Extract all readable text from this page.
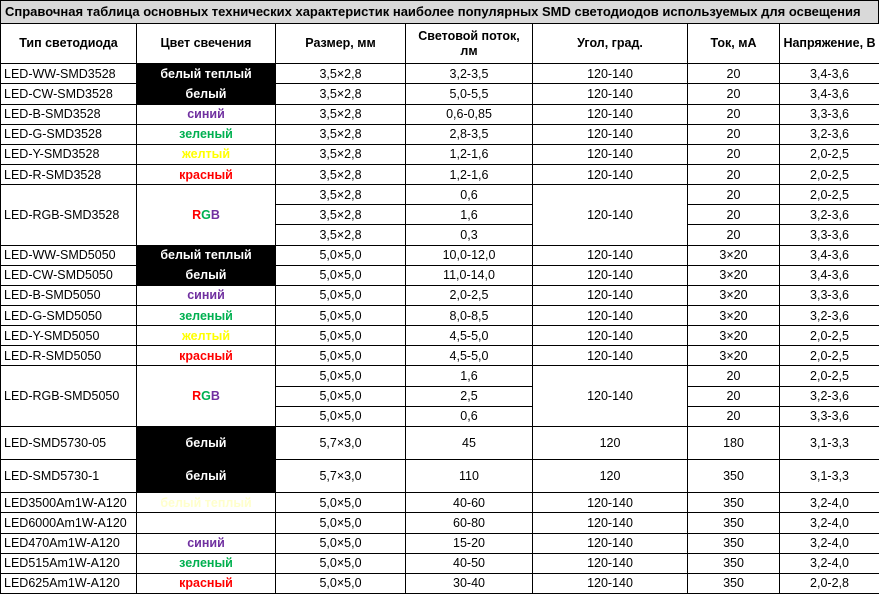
Справочная таблица основных технических характеристик наиболее популярных SMD светодиодов используемых для освещения
Тип светодиода	Цвет свечения	Размер, мм	Световой поток, лм	Угол, град.	Ток, мА	Напряжение, В
LED-WW-SMD3528	белый теплый	3,5×2,8	3,2-3,5	120-140	20	3,4-3,6
LED-CW-SMD3528	белый	3,5×2,8	5,0-5,5	120-140	20	3,4-3,6
LED-B-SMD3528	синий	3,5×2,8	0,6-0,85	120-140	20	3,3-3,6
LED-G-SMD3528	зеленый	3,5×2,8	2,8-3,5	120-140	20	3,2-3,6
LED-Y-SMD3528	желтый	3,5×2,8	1,2-1,6	120-140	20	2,0-2,5
LED-R-SMD3528	красный	3,5×2,8	1,2-1,6	120-140	20	2,0-2,5
LED-RGB-SMD3528	RGB	3,5×2,8	0,6	120-140	20	2,0-2,5
		3,5×2,8	1,6		20	3,2-3,6
		3,5×2,8	0,3		20	3,3-3,6
LED-WW-SMD5050	белый теплый	5,0×5,0	10,0-12,0	120-140	3×20	3,4-3,6
LED-CW-SMD5050	белый	5,0×5,0	11,0-14,0	120-140	3×20	3,4-3,6
LED-B-SMD5050	синий	5,0×5,0	2,0-2,5	120-140	3×20	3,3-3,6
LED-G-SMD5050	зеленый	5,0×5,0	8,0-8,5	120-140	3×20	3,2-3,6
LED-Y-SMD5050	желтый	5,0×5,0	4,5-5,0	120-140	3×20	2,0-2,5
LED-R-SMD5050	красный	5,0×5,0	4,5-5,0	120-140	3×20	2,0-2,5
LED-RGB-SMD5050	RGB	5,0×5,0	1,6	120-140	20	2,0-2,5
		5,0×5,0	2,5		20	3,2-3,6
		5,0×5,0	0,6		20	3,3-3,6
LED-SMD5730-05	белый	5,7×3,0	45	120	180	3,1-3,3
LED-SMD5730-1	белый	5,7×3,0	110	120	350	3,1-3,3
LED3500Am1W-A120	белый теплый	5,0×5,0	40-60	120-140	350	3,2-4,0
LED6000Am1W-A120		5,0×5,0	60-80	120-140	350	3,2-4,0
LED470Am1W-A120	синий	5,0×5,0	15-20	120-140	350	3,2-4,0
LED515Am1W-A120	зеленый	5,0×5,0	40-50	120-140	350	3,2-4,0
LED625Am1W-A120	красный	5,0×5,0	30-40	120-140	350	2,0-2,8
